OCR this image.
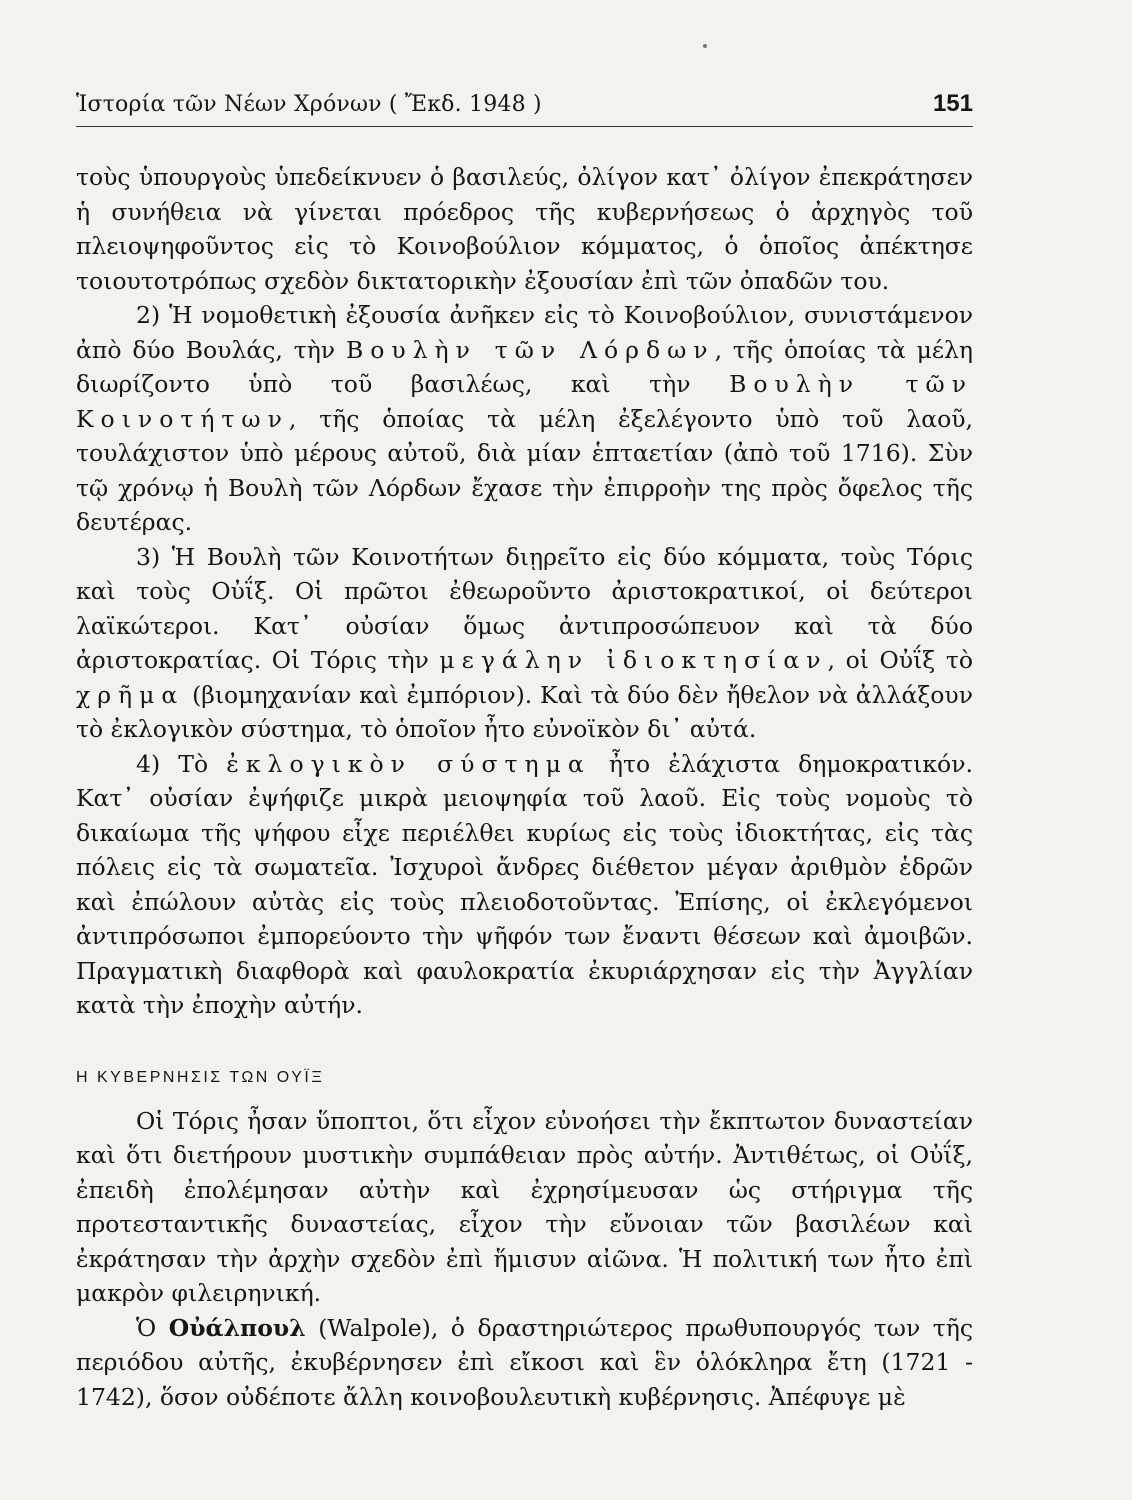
Ἱστορία τῶν Νέων Χρόνων ( Ἔκδ. 1948 )	151

τοὺς ὑπουργοὺς ὑπεδείκνυεν ὁ βασιλεύς, ὀλίγον κατ᾽ ὀλίγον ἐπεκράτησεν ἡ συνήθεια νὰ γίνεται πρόεδρος τῆς κυβερνήσεως ὁ ἀρχηγὸς τοῦ πλειοψηφοῦντος εἰς τὸ Κοινοβούλιον κόμματος, ὁ ὁποῖος ἀπέκτησε τοιουτοτρόπως σχεδὸν δικτατορικὴν ἐξουσίαν ἐπὶ τῶν ὀπαδῶν του.

2) Ἡ νομοθετικὴ ἐξουσία ἀνῆκεν εἰς τὸ Κοινοβούλιον, συνιστάμενον ἀπὸ δύο Βουλάς, τὴν Βουλὴν τῶν Λόρδων, τῆς ὁποίας τὰ μέλη διωρίζοντο ὑπὸ τοῦ βασιλέως, καὶ τὴν Βουλὴν τῶν Κοινοτήτων, τῆς ὁποίας τὰ μέλη ἐξελέγοντο ὑπὸ τοῦ λαοῦ, τουλάχιστον ὑπὸ μέρους αὐτοῦ, διὰ μίαν ἑπταετίαν (ἀπὸ τοῦ 1716). Σὺν τῷ χρόνῳ ἡ Βουλὴ τῶν Λόρδων ἔχασε τὴν ἐπιρροὴν της πρὸς ὄφελος τῆς δευτέρας.

3) Ἡ Βουλὴ τῶν Κοινοτήτων διῃρεῖτο εἰς δύο κόμματα, τοὺς Τόρις καὶ τοὺς Οὐΐξ. Οἱ πρῶτοι ἐθεωροῦντο ἀριστοκρατικοί, οἱ δεύτεροι λαϊκώτεροι. Κατ᾽ οὐσίαν ὅμως ἀντιπροσώπευον καὶ τὰ δύο ἀριστοκρατίας. Οἱ Τόρις τὴν μεγάλην ἰδιοκτησίαν, οἱ Οὐΐξ τὸ χρῆμα (βιομηχανίαν καὶ ἐμπόριον). Καὶ τὰ δύο δὲν ἤθελον νὰ ἀλλάξουν τὸ ἐκλογικὸν σύστημα, τὸ ὁποῖον ἦτο εὐνοϊκὸν δι᾽ αὐτά.

4) Τὸ ἐκλογικὸν σύστημα ἦτο ἐλάχιστα δημοκρατικόν. Κατ᾽ οὐσίαν ἐψήφιζε μικρὰ μειοψηφία τοῦ λαοῦ. Εἰς τοὺς νομοὺς τὸ δικαίωμα τῆς ψήφου εἶχε περιέλθει κυρίως εἰς τοὺς ἰδιοκτήτας, εἰς τὰς πόλεις εἰς τὰ σωματεῖα. Ἰσχυροὶ ἄνδρες διέθετον μέγαν ἀριθμὸν ἑδρῶν καὶ ἐπώλουν αὐτὰς εἰς τοὺς πλειοδοτοῦντας. Ἐπίσης, οἱ ἐκλεγόμενοι ἀντιπρόσωποι ἐμπορεύοντο τὴν ψῆφόν των ἔναντι θέσεων καὶ ἀμοιβῶν. Πραγματικὴ διαφθορὰ καὶ φαυλοκρατία ἐκυριάρχησαν εἰς τὴν Ἀγγλίαν κατὰ τὴν ἐποχὴν αὐτήν.

Η ΚΥΒΕΡΝΗΣΙΣ ΤΩΝ ΟΥΪΞ

Οἱ Τόρις ἦσαν ὕποπτοι, ὅτι εἶχον εὐνοήσει τὴν ἔκπτωτον δυναστείαν καὶ ὅτι διετήρουν μυστικὴν συμπάθειαν πρὸς αὐτήν. Ἀντιθέτως, οἱ Οὐΐξ, ἐπειδὴ ἐπολέμησαν αὐτὴν καὶ ἐχρησίμευσαν ὡς στήριγμα τῆς προτεσταντικῆς δυναστείας, εἶχον τὴν εὔνοιαν τῶν βασιλέων καὶ ἐκράτησαν τὴν ἀρχὴν σχεδὸν ἐπὶ ἥμισυν αἰῶνα. Ἡ πολιτική των ἦτο ἐπὶ μακρὸν φιλειρηνική.

Ὁ Οὐάλπουλ (Walpole), ὁ δραστηριώτερος πρωθυπουργός των τῆς περιόδου αὐτῆς, ἐκυβέρνησεν ἐπὶ εἴκοσι καὶ ἓν ὁλόκληρα ἔτη (1721 - 1742), ὅσον οὐδέποτε ἄλλη κοινοβουλευτικὴ κυβέρνησις. Ἀπέφυγε μὲ
